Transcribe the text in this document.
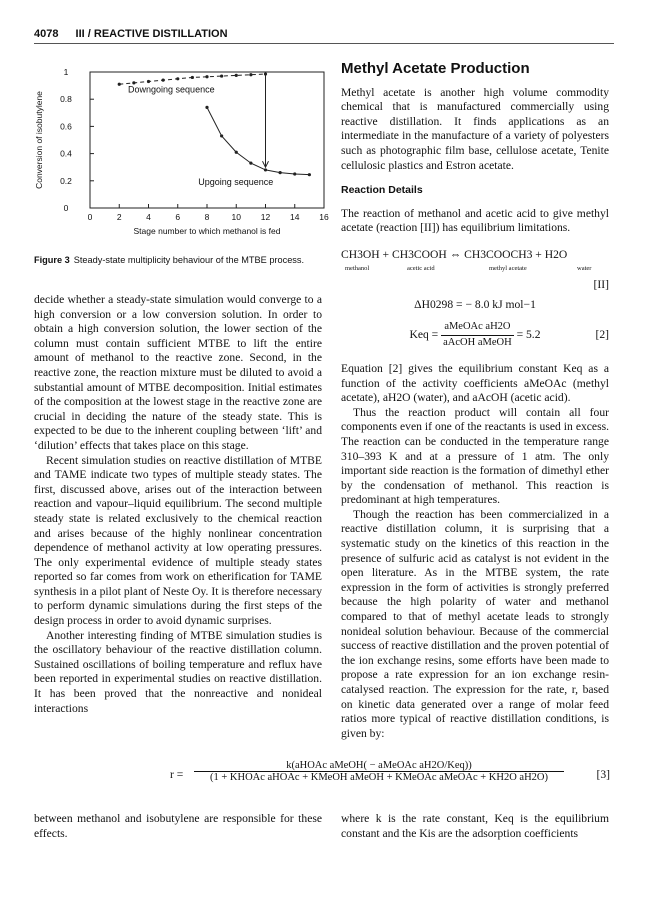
4078 III / REACTIVE DISTILLATION
0	2	4	6	8	10 12 14 16
0
0.2
0.4
0.6
0.8
1
Stage number to which methanol is fed
Conversion of isobutylene
Downgoing sequence
Upgoing sequence
Figure 3 Steady-state multiplicity behaviour of the MTBE process.

decide whether a steady-state simulation would converge to a high conversion or a low conversion solution. In order to obtain a high conversion solution, the lower section of the column must contain sufficient MTBE to lift the entire amount of methanol to the reactive zone. Second, in the reactive zone, the reaction mixture must be diluted to avoid a substantial amount of MTBE decomposition. Initial estimates of the composition at the lowest stage in the reactive zone are crucial in deciding the nature of the steady state. This is expected to be due to the inherent coupling between ‘lift’ and ‘dilution’ effects that takes place on this stage.

Recent simulation studies on reactive distillation of MTBE and TAME indicate two types of multiple steady states. The first, discussed above, arises out of the interaction between reaction and vapour–liquid equilibrium. The second multiple steady state is related exclusively to the chemical reaction and arises because of the highly nonlinear concentration dependence of methanol activity at low operating pressures. The only experimental evidence of multiple steady states reported so far comes from work on etherification for TAME synthesis in a pilot plant of Neste Oy. It is therefore necessary to perform dynamic simulations during the first steps of the design process in order to avoid dynamic surprises.

Another interesting finding of MTBE simulation studies is the oscillatory behaviour of the reactive distillation column. Sustained oscillations of boiling temperature and reflux have been reported in experimental studies on reactive distillation. It has been proved that the nonreactive and nonideal interactions

Methyl Acetate Production

Methyl acetate is another high volume commodity chemical that is manufactured commercially using reactive distillation. It finds applications as an intermediate in the manufacture of a variety of polyesters such as photographic film base, cellulose acetate, Tenite cellulosic plastics and Estron acetate.

Reaction Details

The reaction of methanol and acetic acid to give methyl acetate (reaction [II]) has equilibrium limitations.

CH3OH + CH3COOH ⇔ CH3COOCH3 + H2O
methanol	acetic acid	methyl acetate	water
[II]
ΔH0298 = − 8.0 kJ mol−1
Keq = $\frac{\text{aMeOAc aH2O}}{\text{aAcOH aMeOH}} = 5.2$	[2]

Equation [2] gives the equilibrium constant Keq as a function of the activity coefficients aMeOAc (methyl acetate), aH2O (water), and aAcOH (acetic acid).

Thus the reaction product will contain all four components even if one of the reactants is used in excess. The reaction can be conducted in the temperature range 310–393 K and at a pressure of 1 atm. The only important side reaction is the formation of dimethyl ether by the condensation of methanol. This reaction is predominant at high temperatures.

Though the reaction has been commercialized in a reactive distillation column, it is surprising that a systematic study on the kinetics of this reaction in the presence of sulfuric acid as catalyst is not evident in the open literature. As in the MTBE system, the rate expression in the form of activities is strongly preferred because the high polarity of water and methanol compared to that of methyl acetate leads to strongly nonideal solution behaviour. Because of the commercial success of reactive distillation and the proven potential of the ion exchange resins, some efforts have been made to propose a rate expression for an ion exchange resin-catalysed reaction. The expression for the rate, r, based on kinetic data generated over a range of molar feed ratios more typical of reactive distillation conditions, is given by:

r =
k(aHOAc aMeOH( − aMeOAc aH2O/Keq))
(1 + KHOAc aHOAc + KMeOH aMeOH + KMeOAc aMeOAc + KH2O aH2O)	[3]
between methanol and isobutylene are responsible for these effects.
where k is the rate constant, Keq is the equilibrium constant and the Kis are the adsorption coefficients
